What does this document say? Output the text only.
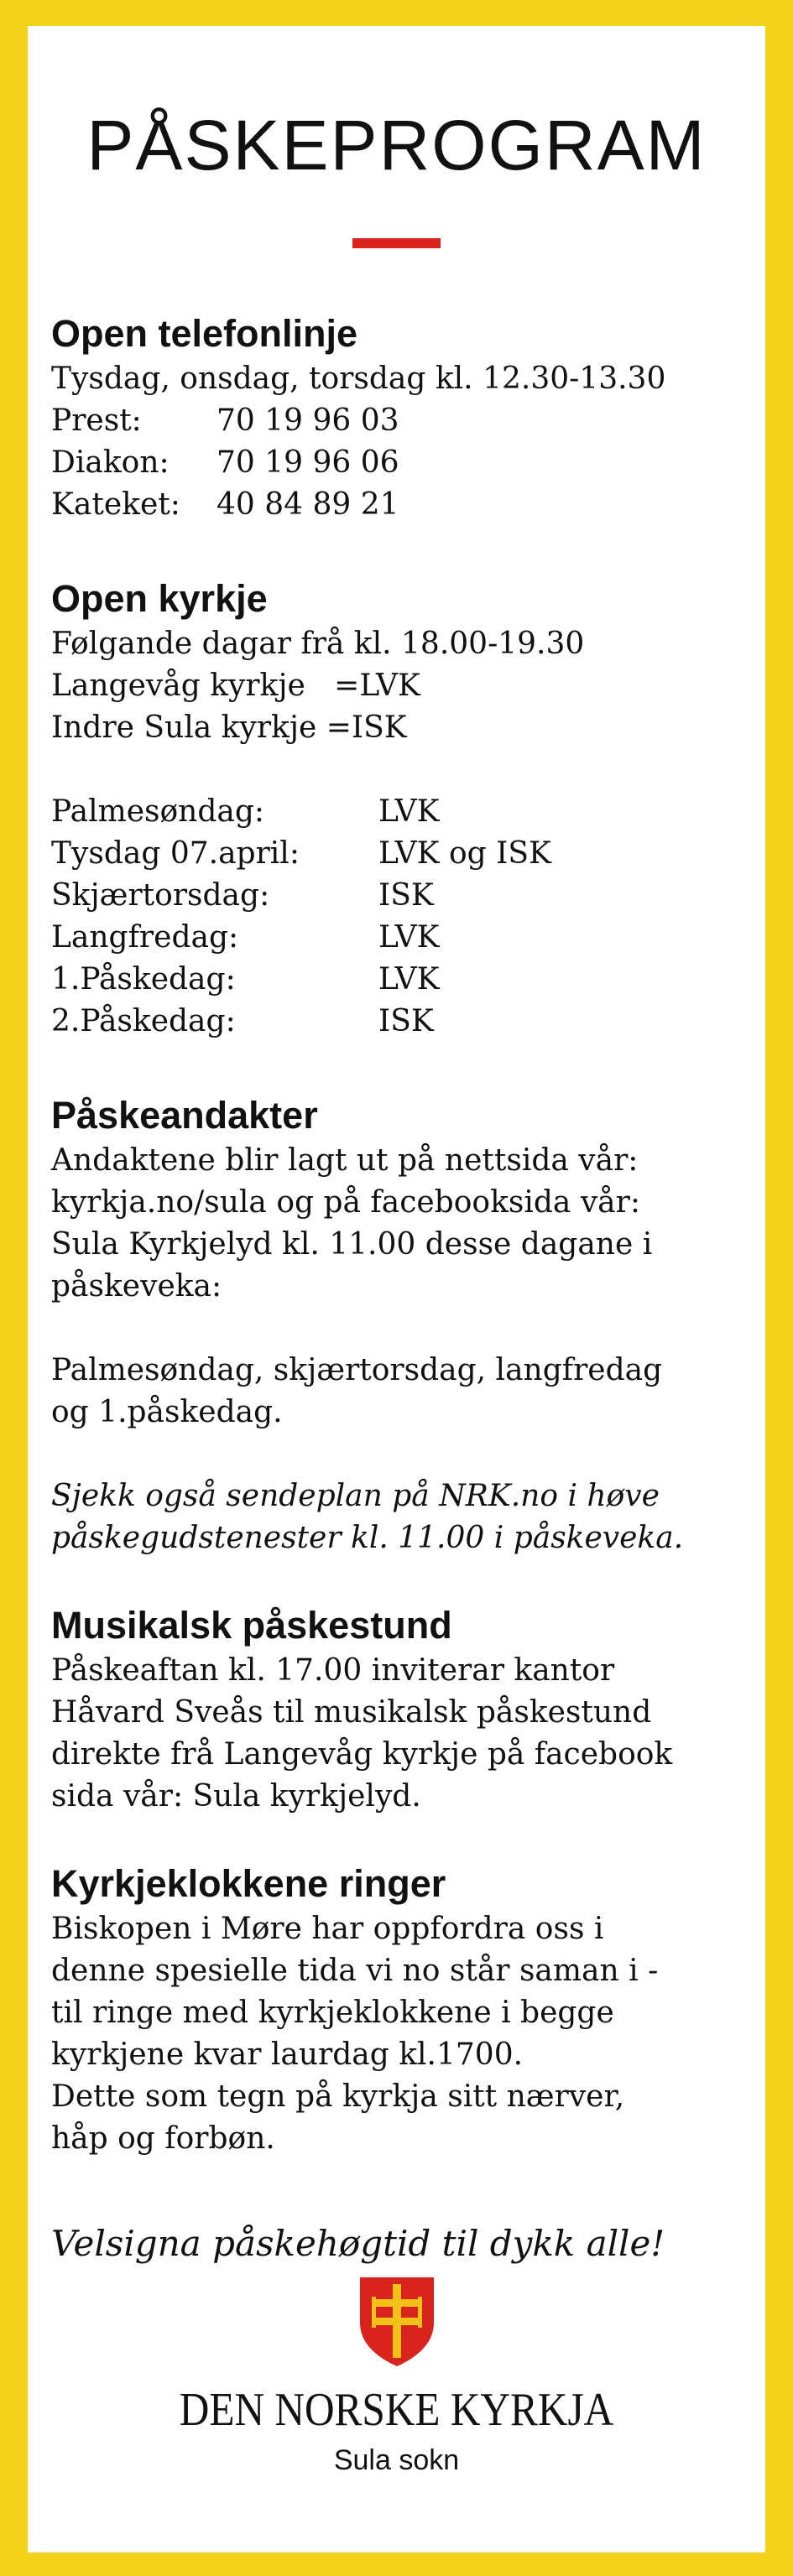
PÅSKEPROGRAM

Open telefonlinje

Tysdag, onsdag, torsdag kl. 12.30-13.30

Prest:	70 19 96 03
Diakon:	70 19 96 06
Kateket:	40 84 89 21

Open kyrkje

Følgande dagar frå kl. 18.00-19.30

Langevåg kyrkje   =LVK

Indre Sula kyrkje =ISK

Palmesøndag:	LVK
Tysdag 07.april:	LVK og ISK
Skjærtorsdag:	ISK
Langfredag:	LVK
1.Påskedag:	LVK
2.Påskedag:	ISK

Påskeandakter

Andaktene blir lagt ut på nettsida vår:

kyrkja.no/sula og på facebooksida vår:

Sula Kyrkjelyd kl. 11.00 desse dagane i

påskeveka:

Palmesøndag, skjærtorsdag, langfredag

og 1.påskedag.

Sjekk også sendeplan på NRK.no i høve

påskegudstenester kl. 11.00 i påskeveka.

Musikalsk påskestund

Påskeaftan kl. 17.00 inviterar kantor

Håvard Sveås til musikalsk påskestund

direkte frå Langevåg kyrkje på facebook

sida vår: Sula kyrkjelyd.

Kyrkjeklokkene ringer

Biskopen i Møre har oppfordra oss i

denne spesielle tida vi no står saman i -

til ringe med kyrkjeklokkene i begge

kyrkjene kvar laurdag kl.1700.

Dette som tegn på kyrkja sitt nærver,

håp og forbøn.

Velsigna påskehøgtid til dykk alle!

DEN NORSKE KYRKJA
Sula sokn
